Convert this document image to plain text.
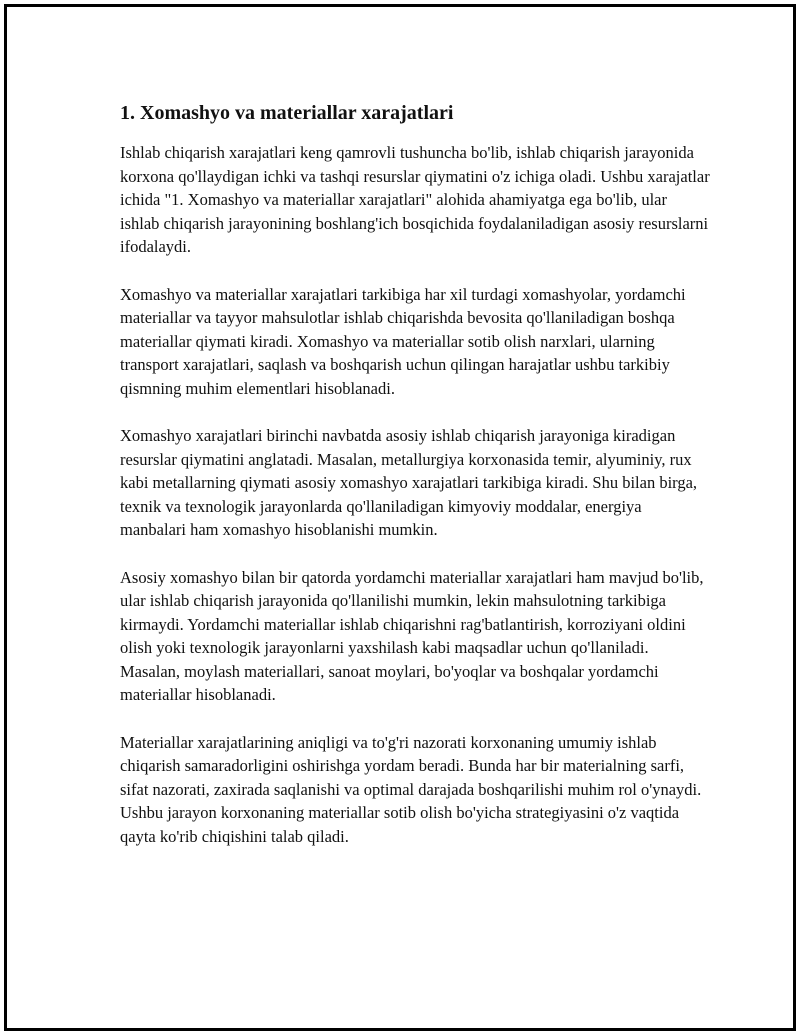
1. Xomashyo va materiallar xarajatlari

Ishlab chiqarish xarajatlari keng qamrovli tushuncha bo'lib, ishlab chiqarish jarayonida korxona qo'llaydigan ichki va tashqi resurslar qiymatini o'z ichiga oladi. Ushbu xarajatlar ichida "1. Xomashyo va materiallar xarajatlari" alohida ahamiyatga ega bo'lib, ular ishlab chiqarish jarayonining boshlang'ich bosqichida foydalaniladigan asosiy resurslarni ifodalaydi.

Xomashyo va materiallar xarajatlari tarkibiga har xil turdagi xomashyolar, yordamchi materiallar va tayyor mahsulotlar ishlab chiqarishda bevosita qo'llaniladigan boshqa materiallar qiymati kiradi. Xomashyo va materiallar sotib olish narxlari, ularning transport xarajatlari, saqlash va boshqarish uchun qilingan harajatlar ushbu tarkibiy qismning muhim elementlari hisoblanadi.

Xomashyo xarajatlari birinchi navbatda asosiy ishlab chiqarish jarayoniga kiradigan resurslar qiymatini anglatadi. Masalan, metallurgiya korxonasida temir, alyuminiy, rux kabi metallarning qiymati asosiy xomashyo xarajatlari tarkibiga kiradi. Shu bilan birga, texnik va texnologik jarayonlarda qo'llaniladigan kimyoviy moddalar, energiya manbalari ham xomashyo hisoblanishi mumkin.

Asosiy xomashyo bilan bir qatorda yordamchi materiallar xarajatlari ham mavjud bo'lib, ular ishlab chiqarish jarayonida qo'llanilishi mumkin, lekin mahsulotning tarkibiga kirmaydi. Yordamchi materiallar ishlab chiqarishni rag'batlantirish, korroziyani oldini olish yoki texnologik jarayonlarni yaxshilash kabi maqsadlar uchun qo'llaniladi. Masalan, moylash materiallari, sanoat moylari, bo'yoqlar va boshqalar yordamchi materiallar hisoblanadi.

Materiallar xarajatlarining aniqligi va to'g'ri nazorati korxonaning umumiy ishlab chiqarish samaradorligini oshirishga yordam beradi. Bunda har bir materialning sarfi, sifat nazorati, zaxirada saqlanishi va optimal darajada boshqarilishi muhim rol o'ynaydi. Ushbu jarayon korxonaning materiallar sotib olish bo'yicha strategiyasini o'z vaqtida qayta ko'rib chiqishini talab qiladi.
